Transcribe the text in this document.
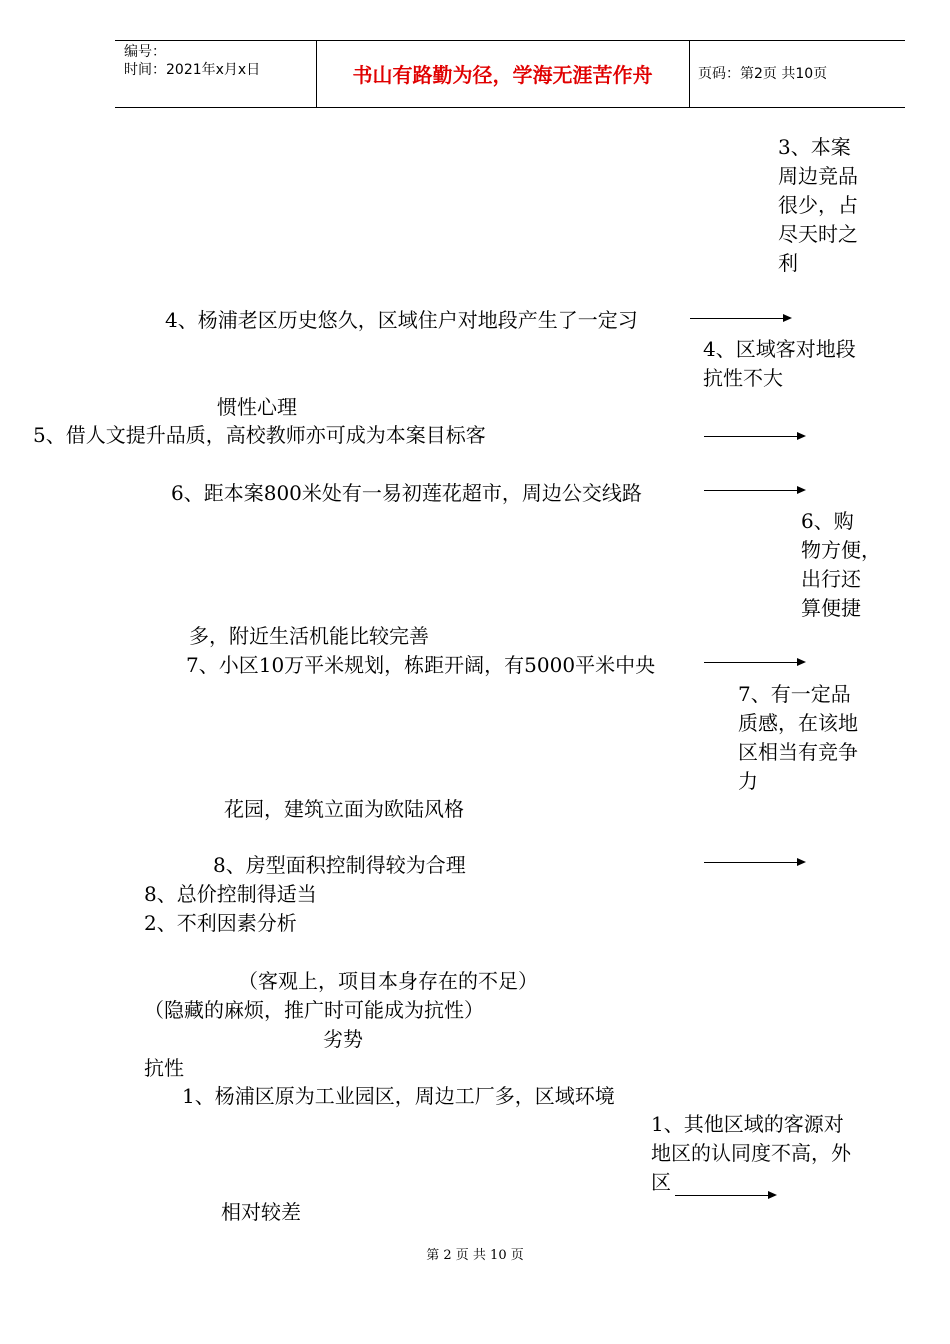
编号：
时间：2021年x月x日	书山有路勤为径，学海无涯苦作舟	页码：第2页 共10页
3、本案
周边竞品
很少，占
尽天时之
利
4、杨浦老区历史悠久，区域住户对地段产生了一定习
4、区域客对地段
抗性不大
惯性心理
5、借人文提升品质，高校教师亦可成为本案目标客
6、距本案800米处有一易初莲花超市，周边公交线路
6、购
物方便，
出行还
算便捷
多，附近生活机能比较完善
7、小区10万平米规划，栋距开阔，有5000平米中央
7、有一定品
质感，在该地
区相当有竞争
力
花园，建筑立面为欧陆风格
8、房型面积控制得较为合理
8、总价控制得适当
2、不利因素分析
（客观上，项目本身存在的不足）
（隐藏的麻烦，推广时可能成为抗性）
劣势
抗性
1、杨浦区原为工业园区，周边工厂多，区域环境
1、其他区域的客源对
地区的认同度不高，外
区
相对较差
第 2 页 共 10 页
